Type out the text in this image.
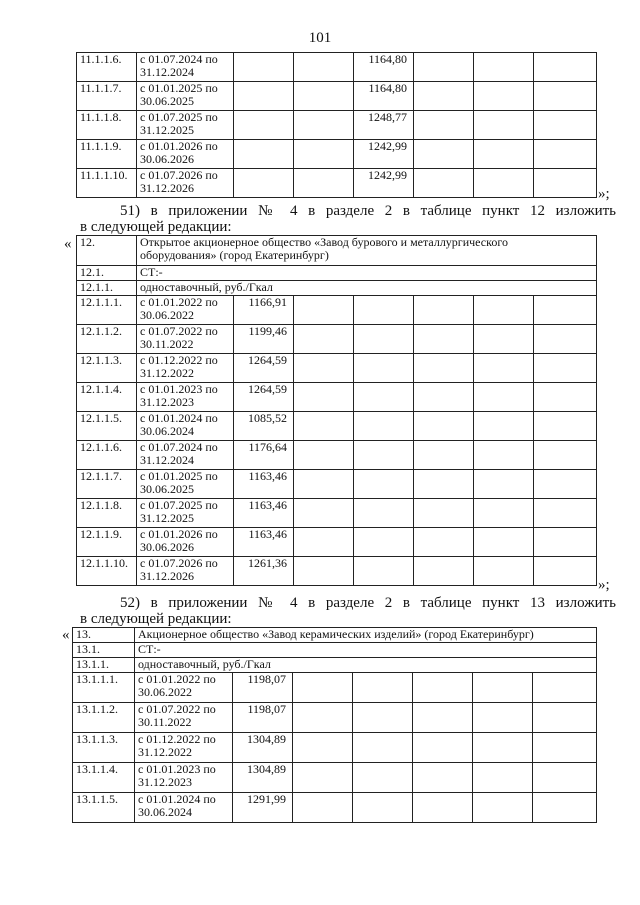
101
11.1.1.6.	с 01.07.2024 по
31.12.2024			1164,80			
11.1.1.7.	с 01.01.2025 по
30.06.2025			1164,80			
11.1.1.8.	с 01.07.2025 по
31.12.2025			1248,77			
11.1.1.9.	с 01.01.2026 по
30.06.2026			1242,99			
11.1.1.10.	с 01.07.2026 по
31.12.2026			1242,99			
»;
51) в приложении № 4 в разделе 2 в таблице пункт 12 изложить
в следующей редакции:
« 12.	Открытое акционерное общество «Завод бурового и металлургического
оборудования» (город Екатеринбург)						
12.1.	СТ:-						
12.1.1.	одноставочный, руб./Гкал						
12.1.1.1.	с 01.01.2022 по
30.06.2022	1166,91					
12.1.1.2.	с 01.07.2022 по
30.11.2022	1199,46					
12.1.1.3.	с 01.12.2022 по
31.12.2022	1264,59					
12.1.1.4.	с 01.01.2023 по
31.12.2023	1264,59					
12.1.1.5.	с 01.01.2024 по
30.06.2024	1085,52					
12.1.1.6.	с 01.07.2024 по
31.12.2024	1176,64					
12.1.1.7.	с 01.01.2025 по
30.06.2025	1163,46					
12.1.1.8.	с 01.07.2025 по
31.12.2025	1163,46					
12.1.1.9.	с 01.01.2026 по
30.06.2026	1163,46					
12.1.1.10.	с 01.07.2026 по
31.12.2026	1261,36					
»;
52) в приложении № 4 в разделе 2 в таблице пункт 13 изложить
в следующей редакции:
« 13.	Акционерное общество «Завод керамических изделий» (город Екатеринбург)						
13.1.	СТ:-						
13.1.1.	одноставочный, руб./Гкал						
13.1.1.1.	с 01.01.2022 по
30.06.2022	1198,07					
13.1.1.2.	с 01.07.2022 по
30.11.2022	1198,07					
13.1.1.3.	с 01.12.2022 по
31.12.2022	1304,89					
13.1.1.4.	с 01.01.2023 по
31.12.2023	1304,89					
13.1.1.5.	с 01.01.2024 по
30.06.2024	1291,99					
